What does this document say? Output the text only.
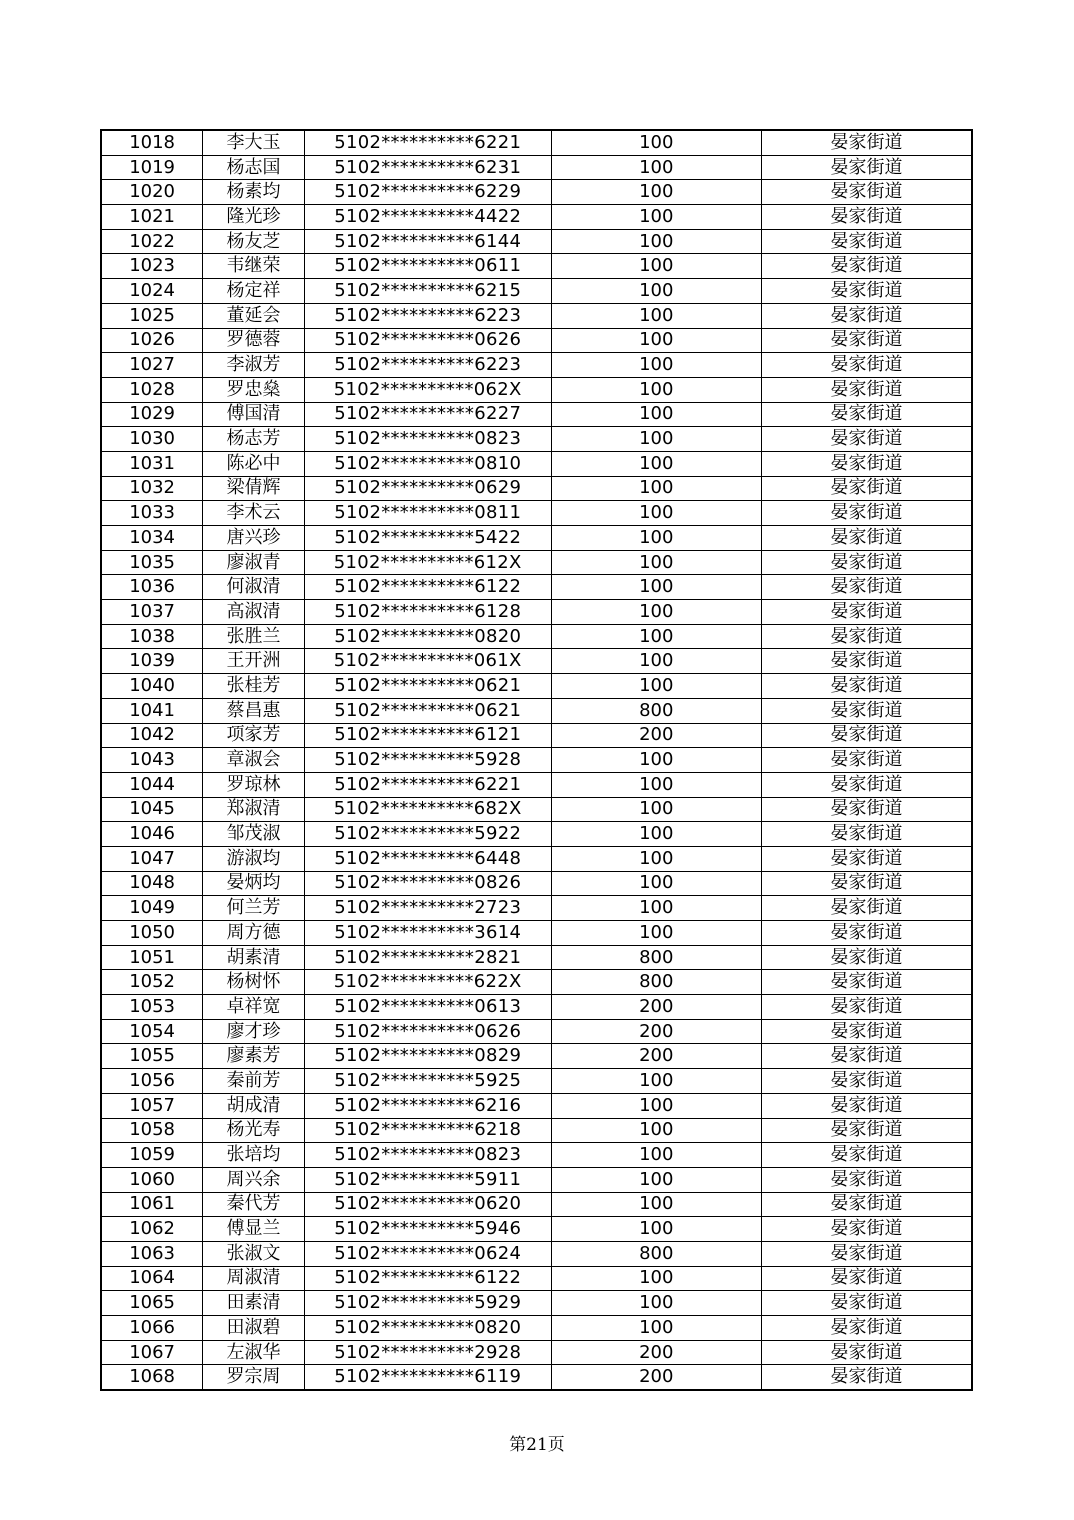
1018	李大玉	5102**********6221	100	晏家街道
1019	杨志国	5102**********6231	100	晏家街道
1020	杨素均	5102**********6229	100	晏家街道
1021	隆光珍	5102**********4422	100	晏家街道
1022	杨友芝	5102**********6144	100	晏家街道
1023	韦继荣	5102**********0611	100	晏家街道
1024	杨定祥	5102**********6215	100	晏家街道
1025	董延会	5102**********6223	100	晏家街道
1026	罗德蓉	5102**********0626	100	晏家街道
1027	李淑芳	5102**********6223	100	晏家街道
1028	罗忠燊	5102**********062X	100	晏家街道
1029	傅国清	5102**********6227	100	晏家街道
1030	杨志芳	5102**********0823	100	晏家街道
1031	陈必中	5102**********0810	100	晏家街道
1032	梁倩辉	5102**********0629	100	晏家街道
1033	李术云	5102**********0811	100	晏家街道
1034	唐兴珍	5102**********5422	100	晏家街道
1035	廖淑青	5102**********612X	100	晏家街道
1036	何淑清	5102**********6122	100	晏家街道
1037	高淑清	5102**********6128	100	晏家街道
1038	张胜兰	5102**********0820	100	晏家街道
1039	王开洲	5102**********061X	100	晏家街道
1040	张桂芳	5102**********0621	100	晏家街道
1041	蔡昌惠	5102**********0621	800	晏家街道
1042	项家芳	5102**********6121	200	晏家街道
1043	章淑会	5102**********5928	100	晏家街道
1044	罗琼林	5102**********6221	100	晏家街道
1045	郑淑清	5102**********682X	100	晏家街道
1046	邹茂淑	5102**********5922	100	晏家街道
1047	游淑均	5102**********6448	100	晏家街道
1048	晏炳均	5102**********0826	100	晏家街道
1049	何兰芳	5102**********2723	100	晏家街道
1050	周方德	5102**********3614	100	晏家街道
1051	胡素清	5102**********2821	800	晏家街道
1052	杨树怀	5102**********622X	800	晏家街道
1053	卓祥宽	5102**********0613	200	晏家街道
1054	廖才珍	5102**********0626	200	晏家街道
1055	廖素芳	5102**********0829	200	晏家街道
1056	秦前芳	5102**********5925	100	晏家街道
1057	胡成清	5102**********6216	100	晏家街道
1058	杨光寿	5102**********6218	100	晏家街道
1059	张培均	5102**********0823	100	晏家街道
1060	周兴余	5102**********5911	100	晏家街道
1061	秦代芳	5102**********0620	100	晏家街道
1062	傅显兰	5102**********5946	100	晏家街道
1063	张淑文	5102**********0624	800	晏家街道
1064	周淑清	5102**********6122	100	晏家街道
1065	田素清	5102**********5929	100	晏家街道
1066	田淑碧	5102**********0820	100	晏家街道
1067	左淑华	5102**********2928	200	晏家街道
1068	罗宗周	5102**********6119	200	晏家街道
第21页
